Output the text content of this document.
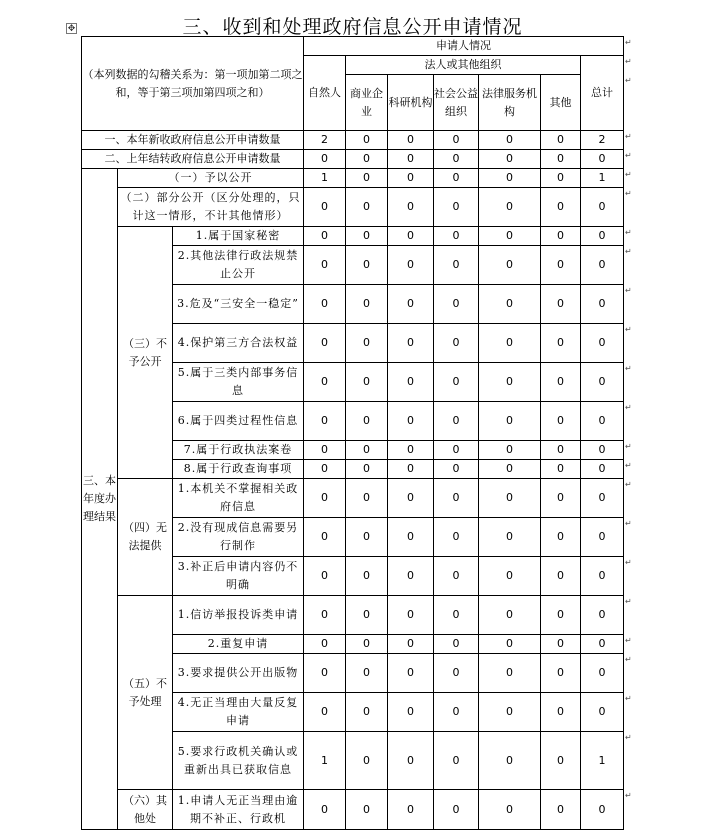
✥	三、收到和处理政府信息公开申请情况
（本列数据的勾稽关系为：第一项加第二项之和，等于第三项加第四项之和）			申请人情况						
			自然人	法人或其他组织					总计
				商业企业	科研机构	社会公益组织	法律服务机构	其他	
一、本年新收政府信息公开申请数量			2	0	0	0	0	0	2
二、上年结转政府信息公开申请数量			0	0	0	0	0	0	0
三、本年度办理结果	（一）予以公开		1	0	0	0	0	0	1
	（二）部分公开（区分处理的，只计这一情形，不计其他情形）		0	0	0	0	0	0	0
	（三）不予公开	1.属于国家秘密	0	0	0	0	0	0	0
		2.其他法律行政法规禁止公开	0	0	0	0	0	0	0
		3.危及“三安全一稳定”	0	0	0	0	0	0	0
		4.保护第三方合法权益	0	0	0	0	0	0	0
		5.属于三类内部事务信息	0	0	0	0	0	0	0
		6.属于四类过程性信息	0	0	0	0	0	0	0
		7.属于行政执法案卷	0	0	0	0	0	0	0
		8.属于行政查询事项	0	0	0	0	0	0	0
	（四）无法提供	1.本机关不掌握相关政府信息	0	0	0	0	0	0	0
		2.没有现成信息需要另行制作	0	0	0	0	0	0	0
		3.补正后申请内容仍不明确	0	0	0	0	0	0	0
	（五）不予处理	1.信访举报投诉类申请	0	0	0	0	0	0	0
		2.重复申请	0	0	0	0	0	0	0
		3.要求提供公开出版物	0	0	0	0	0	0	0
		4.无正当理由大量反复申请	0	0	0	0	0	0	0
		5.要求行政机关确认或重新出具已获取信息	1	0	0	0	0	0	1
	（六）其他处	1.申请人无正当理由逾期不补正、行政机	0	0	0	0	0	0	0
↵
↵
↵
↵
↵
↵
↵
↵
↵
↵
↵
↵
↵
↵
↵
↵
↵
↵
↵
↵
↵
↵
↵
↵
